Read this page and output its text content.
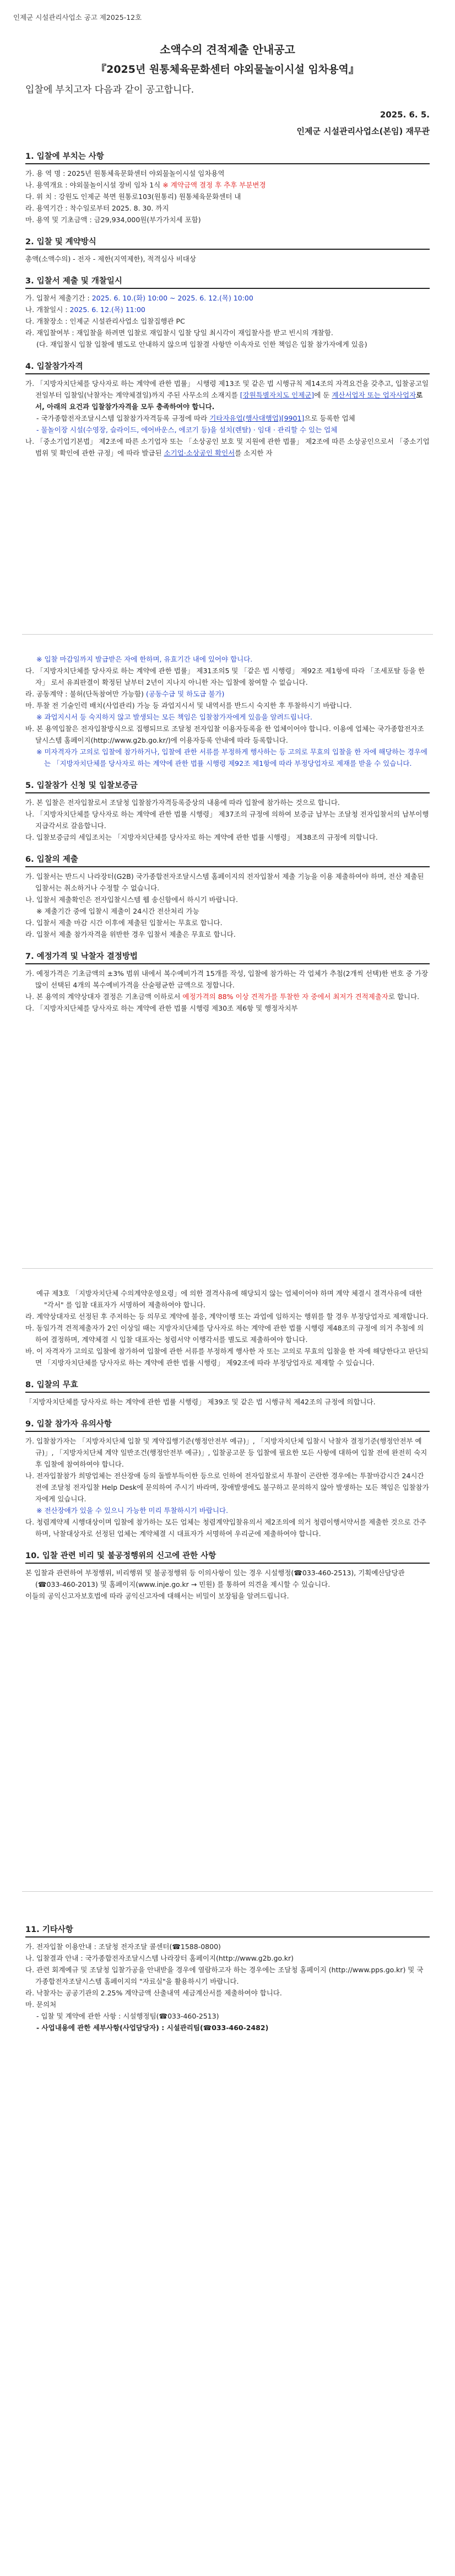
인제군 시설관리사업소 공고 제2025-12호

소액수의 견적제출 안내공고

『2025년 원통체육문화센터 야외물놀이시설 임차용역』

입찰에 부치고자 다음과 같이 공고합니다.

2025. 6. 5.
인제군 시설관리사업소(본임) 재무관
1. 입찰에 부치는 사항
가. 용 역 명 : 2025년 원통체육문화센터 야외물놀이시설 임차용역
나. 용역개요 : 야외물놀이시설 장비 임차 1식 ※ 계약금액 결정 후 추후 부분변경
다. 위 치 : 강원도 인제군 북면 원통로103(원통리) 원통체육문화센터 내
라. 용역기간 : 착수일로부터 2025. 8. 30. 까지
마. 용역 및 기초금액 : 금29,934,000원(부가가치세 포함)
2. 입찰 및 계약방식
총액(소액수의) - 전자 - 제한(지역제한), 적격심사 비대상
3. 입찰서 제출 및 개찰일시
가. 입찰서 제출기간 : 2025. 6. 10.(화) 10:00 ~ 2025. 6. 12.(목) 10:00
나. 개찰일시 : 2025. 6. 12.(목) 11:00
다. 개찰장소 : 인제군 시설관리사업소 입찰집행관 PC
라. 재입찰여부 : 재입찰을 하려면 입찰로 재입찰시 입찰 당일 최시각이 재입찰사를 받고 빈시의 개찰함.
(다. 재입찰시 입찰 입찰에 별도로 안내하지 않으며 입찰결 사항만 이속자로 인한 책임은 입찰 참가자에게 있음)
4. 입찰참가자격
가. 「지방자치단체를 당사자로 하는 계약에 관한 법률」 시행령 제13조 및 같은 법 시행규칙 제14조의 자격요건을 갖추고, 입찰공고일 전일부터 입찰일(낙찰자는 계약체결일)까지 주된 사무소의 소재지를 [강원특별자치도 인제군]에 둔 계산서업자 또는 업자사업자로서, 아래의 요건과 입찰참가자격을 모두 충족하여야 합니다.
- 국가종합전자조달시스템 입찰참가자격등록 규정에 따라 기타자유업(행사대행업)[9901]으로 등록한 업체
- 물놀이장 시설(수영장, 슬라이드, 에어바운스, 에코기 등)을 설치(렌탈) · 임대 · 관리할 수 있는 업체
나. 「중소기업기본법」 제2조에 따른 소기업자 또는 「소상공인 보호 및 지원에 관한 법률」 제2조에 따른 소상공인으로서 「중소기업 범위 및 확인에 관한 규정」에 따라 발급된 소기업·소상공인 확인서를 소지한 자
※ 입찰 마감일까지 발급받은 자에 한하며, 유효기간 내에 있어야 합니다.
다. 「지방자치단체를 당사자로 하는 계약에 관한 법률」 제31조의5 및 「같은 법 시행령」 제92조 제1항에 따라 「조세포탈 등을 한 자」 로서 유죄판결이 확정된 날부터 2년이 지나지 아니한 자는 입찰에 참여할 수 없습니다.
라. 공동계약 : 불허(단독참여만 가능함) (공동수급 및 하도급 불가)
마. 투찰 전 기술인력 배치(사업관리) 가능 등 과업지시서 및 내역서를 반드시 숙지한 후 투찰하시기 바랍니다.
※ 과업지시서 등 숙지하지 않고 발생되는 모든 책임은 입찰참가자에게 있음을 알려드립니다.
바. 본 용역입찰은 전자입찰방식으로 집행되므로 조달청 전자입찰 이용자등록을 한 업체이어야 합니다. 이용에 업체는 국가종합전자조달시스템 홈페이지(http://www.g2b.go.kr/)에 이용자등록 안내에 따라 등록합니다.
※ 미자격자가 고의로 입찰에 참가하거나, 입찰에 관한 서류를 부정하게 행사하는 등 고의로 무효의 입찰을 한 자에 해당하는 경우에는 「지방자치단체를 당사자로 하는 계약에 관한 법률 시행령 제92조 제1항에 따라 부정당업자로 제재를 받을 수 있습니다.
5. 입찰참가 신청 및 입찰보증금
가. 본 입찰은 전자입찰로서 조달청 입찰참가자격등록증상의 내용에 따라 입찰에 참가하는 것으로 합니다.
나. 「지방자치단체를 당사자로 하는 계약에 관한 법률 시행령」 제37조의 규정에 의하여 보증금 납부는 조달청 전자입찰서의 납부이행 지급각서로 갈음합니다.
다. 입찰보증금의 세입조치는 「지방자치단체를 당사자로 하는 계약에 관한 법률 시행령」 제38조의 규정에 의합니다.
6. 입찰의 제출
가. 입찰서는 반드시 나라장터(G2B) 국가종합전자조달시스템 홈페이지의 전자입찰서 제출 기능을 이용 제출하여야 하며, 전산 제출된 입찰서는 취소하거나 수정할 수 없습니다.
나. 입찰서 제출확인은 전자입찰시스템 웹 송신함에서 하시기 바랍니다.
※ 제출기간 중에 입찰시 제출이 24시간 전산처리 가능
다. 입찰서 제출 마감 시간 이후에 제출된 입찰서는 무효로 합니다.
라. 입찰서 제출 참가자격을 위반한 경우 입찰서 제출은 무효로 합니다.
7. 예정가격 및 낙찰자 결정방법
가. 예정가격은 기초금액의 ±3% 범위 내에서 복수예비가격 15개를 작성, 입찰에 참가하는 각 업체가 추첨(2개씩 선택)한 번호 중 가장 많이 선택된 4개의 복수예비가격을 산술평균한 금액으로 정합니다.
나. 본 용역의 계약상대자 결정은 기초금액 이하로서 예정가격의 88% 이상 견적가를 투찰한 자 중에서 최저가 견적제출자로 합니다.
다. 「지방자치단체를 당사자로 하는 계약에 관한 법률 시행령 제30조 제6항 및 행정자치부
예규 제3호 「지방자치단체 수의계약운영요령」에 의한 결격사유에 해당되지 않는 업체이어야 하며 계약 체결시 결격사유에 대한 "각서" 를 입찰 대표자가 서명하여 제출하여야 합니다.
라. 계약상대자로 선정된 후 주저하는 등 의무로 계약에 불응, 계약이행 또는 과업에 임하지는 행위를 할 경우 부정당업자로 제재합니다.
마. 동일가격 견적제출자가 2인 이상일 때는 지방자치단체를 당사자로 하는 계약에 관한 법률 시행령 제48조의 규정에 의거 추첨에 의하여 결정하며, 계약체결 시 입찰 대표자는 청렴서약 이행각서를 별도로 제출하여야 합니다.
바. 이 자격자가 고의로 입찰에 참가하여 입찰에 관한 서류를 부정하게 행사한 자 또는 고의로 무효의 입찰을 한 자에 해당한다고 판단되면 「지방자치단체를 당사자로 하는 계약에 관한 법률 시행령」 제92조에 따라 부정당업자로 제재할 수 있습니다.
8. 입찰의 무효
「지방자치단체를 당사자로 하는 계약에 관한 법률 시행령」 제39조 및 같은 법 시행규칙 제42조의 규정에 의합니다.
9. 입찰 참가자 유의사항
가. 입찰참가자는 「지방자치단체 입찰 및 계약집행기준(행정안전부 예규)」, 「지방자치단체 입찰시 낙찰자 결정기준(행정안전부 예규)」, 「지방자치단체 계약 일반조건(행정안전부 예규)」, 입찰공고문 등 입찰에 필요한 모든 사항에 대하여 입찰 전에 완전히 숙지 후 입찰에 참여하여야 합니다.
나. 전자입찰참가 희망업체는 전산장애 등의 돌발부득이한 등으로 인하여 전자입찰로서 투찰이 곤란한 경우에는 투찰마감시간 24시간 전에 조달청 전자입찰 Help Desk에 문의하여 주시기 바라며, 장애발생에도 불구하고 문의하지 않아 발생하는 모든 책임은 입찰참가자에게 있습니다.
※ 전산장애가 있을 수 있으니 가능한 미리 투찰하시기 바랍니다.
다. 청렴계약제 시행대상이며 입찰에 참가하는 모든 업체는 청렴계약입찰유의서 제2조의에 의거 청렴이행서약서를 제출한 것으로 간주하며, 낙찰대상자로 선정된 업체는 계약체결 시 대표자가 서명하여 우리군에 제출하여야 합니다.
10. 입찰 관련 비리 및 불공정행위의 신고에 관한 사항
본 입찰과 관련하여 부정행위, 비리행위 및 불공정행위 등 이의사항이 있는 경우 시설행정(☎033-460-2513), 기획예산담당관(☎033-460-2013) 및 홈페이지(www.inje.go.kr → 민원) 를 통하여 의견을 제시할 수 있습니다.
이들의 공익신고자보호법에 따라 공익신고자에 대해서는 비밀이 보장됨을 알려드립니다.
11. 기타사항
가. 전자입찰 이용안내 : 조달청 전자조달 콜센터(☎1588-0800)
나. 입찰결과 안내 : 국가종합전자조달시스템 나라장터 홈페이지(http://www.g2b.go.kr)
다. 관련 회계예규 및 조달청 입찰가공을 안내받을 경우에 열람하고자 하는 경우에는 조달청 홈페이지 (http://www.pps.go.kr) 및 국가종합전자조달시스템 홈페이지의 "자료실"을 활용하시기 바랍니다.
라. 낙찰자는 공공기관의 2.25% 계약금액 산출내역 세금계산서를 제출하여야 합니다.
마. 문의처
- 입찰 및 계약에 관한 사항 : 시설행정팀(☎033-460-2513)
- 사업내용에 관한 세부사항(사업담당자) : 시설관리팀(☎033-460-2482)
